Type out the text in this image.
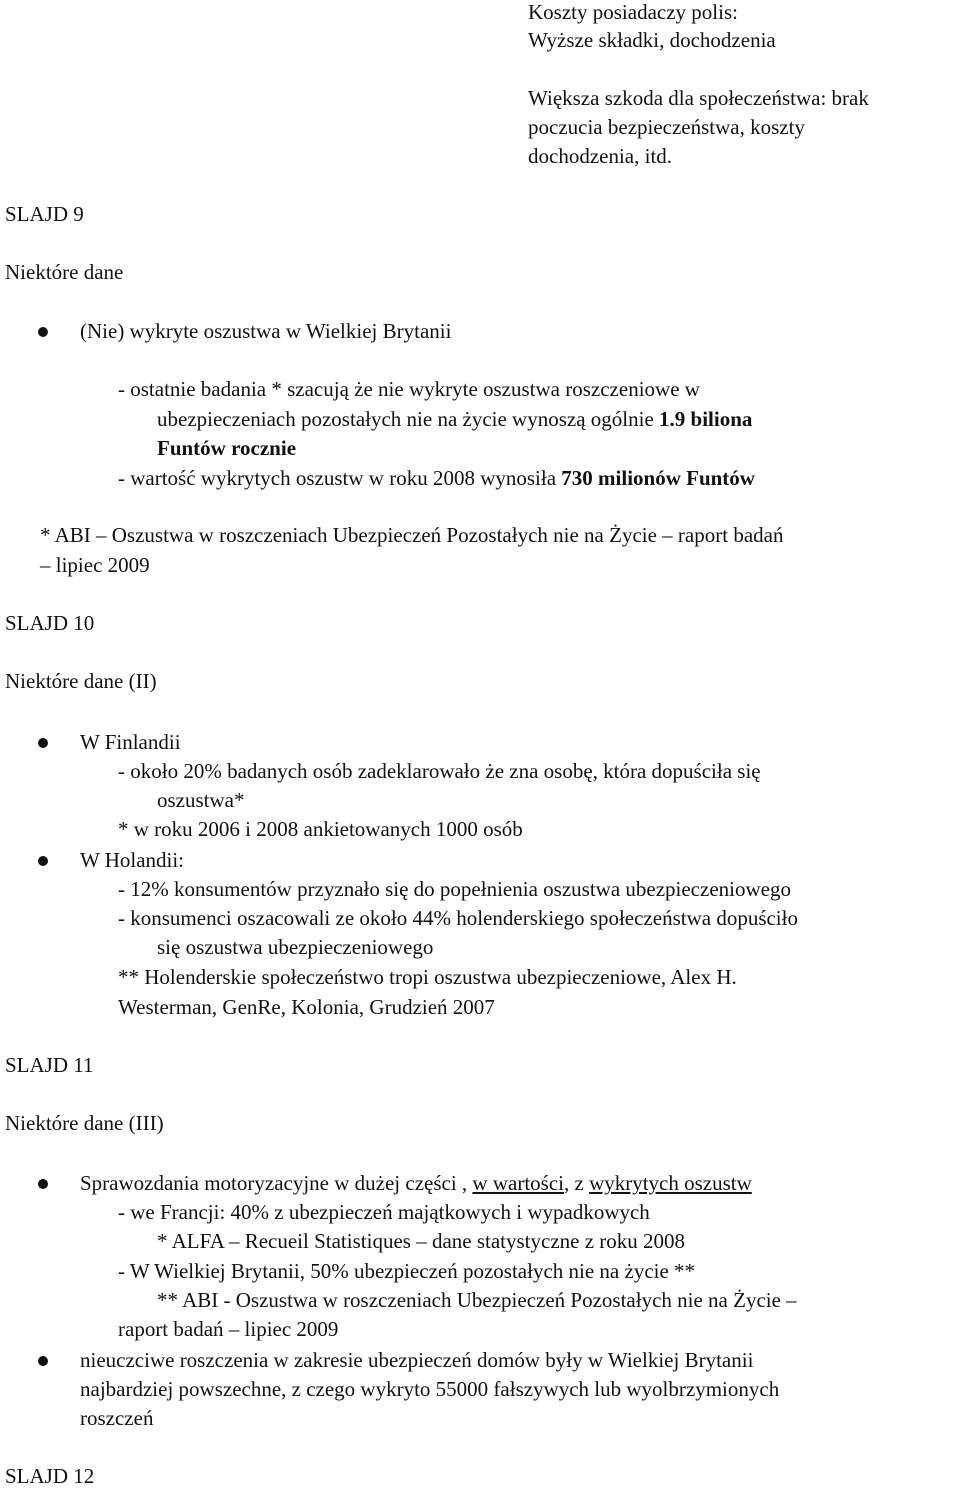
Koszty posiadaczy polis:
Wyższe składki, dochodzenia
Większa szkoda dla społeczeństwa: brak
poczucia bezpieczeństwa, koszty
dochodzenia, itd.
SLAJD 9
Niektóre dane
(Nie) wykryte oszustwa w Wielkiej Brytanii
- ostatnie badania * szacują że nie wykryte oszustwa roszczeniowe w
ubezpieczeniach pozostałych nie na życie wynoszą ogólnie 1.9 biliona
Funtów rocznie
- wartość wykrytych oszustw w roku 2008 wynosiła 730 milionów Funtów
* ABI – Oszustwa w roszczeniach Ubezpieczeń Pozostałych nie na Życie – raport badań
– lipiec 2009
SLAJD 10
Niektóre dane (II)
W Finlandii
- około 20% badanych osób zadeklarowało że zna osobę, która dopuściła się
oszustwa*
* w roku 2006 i 2008 ankietowanych 1000 osób
W Holandii:
- 12% konsumentów przyznało się do popełnienia oszustwa ubezpieczeniowego
- konsumenci oszacowali ze około 44% holenderskiego społeczeństwa dopuściło
się oszustwa ubezpieczeniowego
** Holenderskie społeczeństwo tropi oszustwa ubezpieczeniowe, Alex H.
Westerman, GenRe, Kolonia, Grudzień 2007
SLAJD 11
Niektóre dane (III)
Sprawozdania motoryzacyjne w dużej części , w wartości, z wykrytych oszustw
- we Francji: 40% z ubezpieczeń majątkowych i wypadkowych
* ALFA – Recueil Statistiques – dane statystyczne z roku 2008
- W Wielkiej Brytanii, 50% ubezpieczeń pozostałych nie na życie **
** ABI - Oszustwa w roszczeniach Ubezpieczeń Pozostałych nie na Życie –
raport badań – lipiec 2009
nieuczciwe roszczenia w zakresie ubezpieczeń domów były w Wielkiej Brytanii
najbardziej powszechne, z czego wykryto 55000 fałszywych lub wyolbrzymionych
roszczeń
SLAJD 12
